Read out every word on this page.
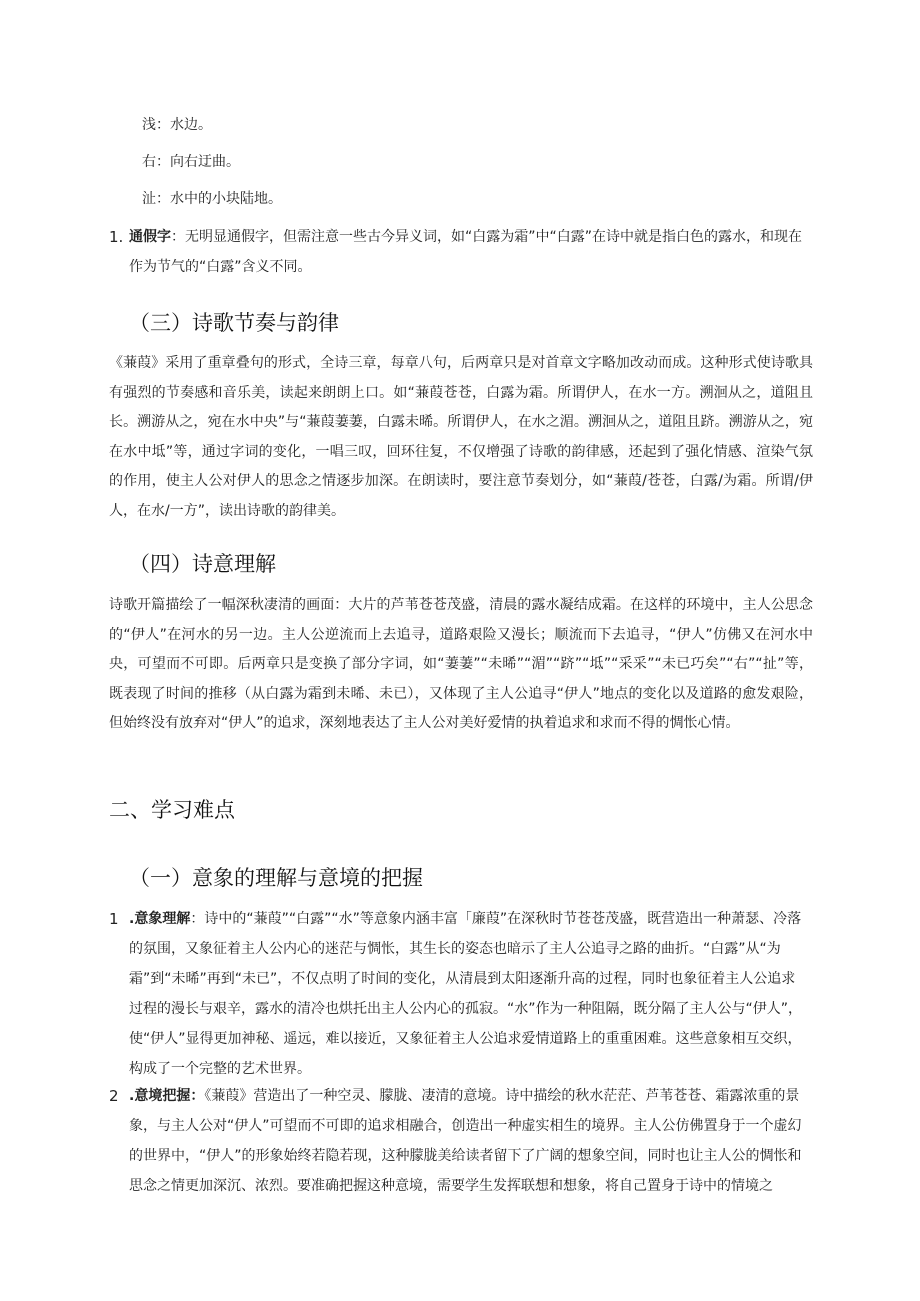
浅：水边。

右：向右迂曲。

沚：水中的小块陆地。

1. 通假字：无明显通假字，但需注意一些古今异义词，如“白露为霜”中“白露”在诗中就是指白色的露水，和现在作为节气的“白露”含义不同。
（三）诗歌节奏与韵律

《蒹葭》采用了重章叠句的形式，全诗三章，每章八句，后两章只是对首章文字略加改动而成。这种形式使诗歌具有强烈的节奏感和音乐美，读起来朗朗上口。如“蒹葭苍苍，白露为霜。所谓伊人，在水一方。溯洄从之，道阻且长。溯游从之，宛在水中央”与“蒹葭萋萋，白露未晞。所谓伊人，在水之湄。溯洄从之，道阻且跻。溯游从之，宛在水中坻”等，通过字词的变化，一唱三叹，回环往复，不仅增强了诗歌的韵律感，还起到了强化情感、渲染气氛的作用，使主人公对伊人的思念之情逐步加深。在朗读时，要注意节奏划分，如“蒹葭/苍苍，白露/为霜。所谓/伊人，在水/一方”，读出诗歌的韵律美。

（四）诗意理解

诗歌开篇描绘了一幅深秋凄清的画面：大片的芦苇苍苍茂盛，清晨的露水凝结成霜。在这样的环境中，主人公思念的“伊人”在河水的另一边。主人公逆流而上去追寻，道路艰险又漫长；顺流而下去追寻，“伊人”仿佛又在河水中央，可望而不可即。后两章只是变换了部分字词，如“萋萋”“未晞”“湄”“跻”“坻”“采采”“未已巧矣”“右”“扯”等，既表现了时间的推移（从白露为霜到未晞、未已），又体现了主人公追寻“伊人”地点的变化以及道路的愈发艰险，但始终没有放弃对“伊人”的追求，深刻地表达了主人公对美好爱情的执着追求和求而不得的惆怅心情。

二、学习难点
（一）意象的理解与意境的把握
1 .意象理解：诗中的“蒹葭”“白露”“水”等意象内涵丰富「廉葭”在深秋时节苍苍茂盛，既营造出一种萧瑟、冷落的氛围，又象征着主人公内心的迷茫与惆怅，其生长的姿态也暗示了主人公追寻之路的曲折。“白露”从“为霜”到“未晞”再到“未已”，不仅点明了时间的变化，从清晨到太阳逐渐升高的过程，同时也象征着主人公追求过程的漫长与艰辛，露水的清冷也烘托出主人公内心的孤寂。“水”作为一种阻隔，既分隔了主人公与“伊人”，使“伊人”显得更加神秘、遥远，难以接近，又象征着主人公追求爱情道路上的重重困难。这些意象相互交织，构成了一个完整的艺术世界。
2 .意境把握：《蒹葭》营造出了一种空灵、朦胧、凄清的意境。诗中描绘的秋水茫茫、芦苇苍苍、霜露浓重的景象，与主人公对“伊人”可望而不可即的追求相融合，创造出一种虚实相生的境界。主人公仿佛置身于一个虚幻的世界中，“伊人”的形象始终若隐若现，这种朦胧美给读者留下了广阔的想象空间，同时也让主人公的惆怅和思念之情更加深沉、浓烈。要准确把握这种意境，需要学生发挥联想和想象，将自己置身于诗中的情境之
